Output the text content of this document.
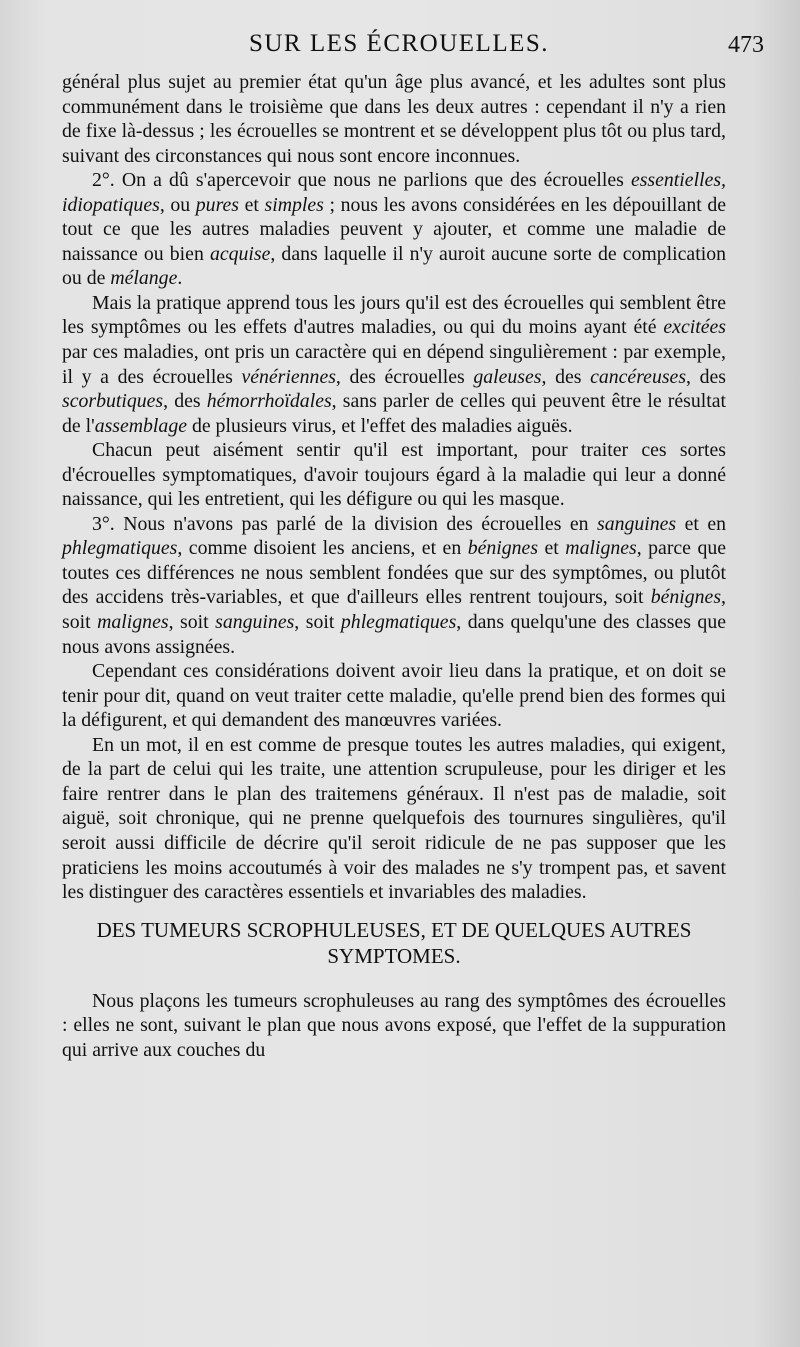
SUR LES ÉCROUELLES.	473

général plus sujet au premier état qu'un âge plus avancé, et les adultes sont plus communément dans le troisième que dans les deux autres : cependant il n'y a rien de fixe là-dessus ; les écrouelles se montrent et se développent plus tôt ou plus tard, suivant des circonstances qui nous sont encore inconnues.

2°. On a dû s'apercevoir que nous ne parlions que des écrouelles essentielles, idiopatiques, ou pures et simples ; nous les avons considérées en les dépouillant de tout ce que les autres maladies peuvent y ajouter, et comme une maladie de naissance ou bien acquise, dans laquelle il n'y auroit aucune sorte de complication ou de mélange.

Mais la pratique apprend tous les jours qu'il est des écrouelles qui semblent être les symptômes ou les effets d'autres maladies, ou qui du moins ayant été excitées par ces maladies, ont pris un caractère qui en dépend singulièrement : par exemple, il y a des écrouelles vénériennes, des écrouelles galeuses, des cancéreuses, des scorbutiques, des hémorrhoïdales, sans parler de celles qui peuvent être le résultat de l'assemblage de plusieurs virus, et l'effet des maladies aiguës.

Chacun peut aisément sentir qu'il est important, pour traiter ces sortes d'écrouelles symptomatiques, d'avoir toujours égard à la maladie qui leur a donné naissance, qui les entretient, qui les défigure ou qui les masque.

3°. Nous n'avons pas parlé de la division des écrouelles en sanguines et en phlegmatiques, comme disoient les anciens, et en bénignes et malignes, parce que toutes ces différences ne nous semblent fondées que sur des symptômes, ou plutôt des accidens très-variables, et que d'ailleurs elles rentrent toujours, soit bénignes, soit malignes, soit sanguines, soit phlegmatiques, dans quelqu'une des classes que nous avons assignées.

Cependant ces considérations doivent avoir lieu dans la pratique, et on doit se tenir pour dit, quand on veut traiter cette maladie, qu'elle prend bien des formes qui la défigurent, et qui demandent des manœuvres variées.

En un mot, il en est comme de presque toutes les autres maladies, qui exigent, de la part de celui qui les traite, une attention scrupuleuse, pour les diriger et les faire rentrer dans le plan des traitemens généraux. Il n'est pas de maladie, soit aiguë, soit chronique, qui ne prenne quelquefois des tournures singulières, qu'il seroit aussi difficile de décrire qu'il seroit ridicule de ne pas supposer que les praticiens les moins accoutumés à voir des malades ne s'y trompent pas, et savent les distinguer des caractères essentiels et invariables des maladies.

DES TUMEURS SCROPHULEUSES, ET DE QUELQUES AUTRES
SYMPTOMES.

Nous plaçons les tumeurs scrophuleuses au rang des symptômes des écrouelles : elles ne sont, suivant le plan que nous avons exposé, que l'effet de la suppuration qui arrive aux couches du
